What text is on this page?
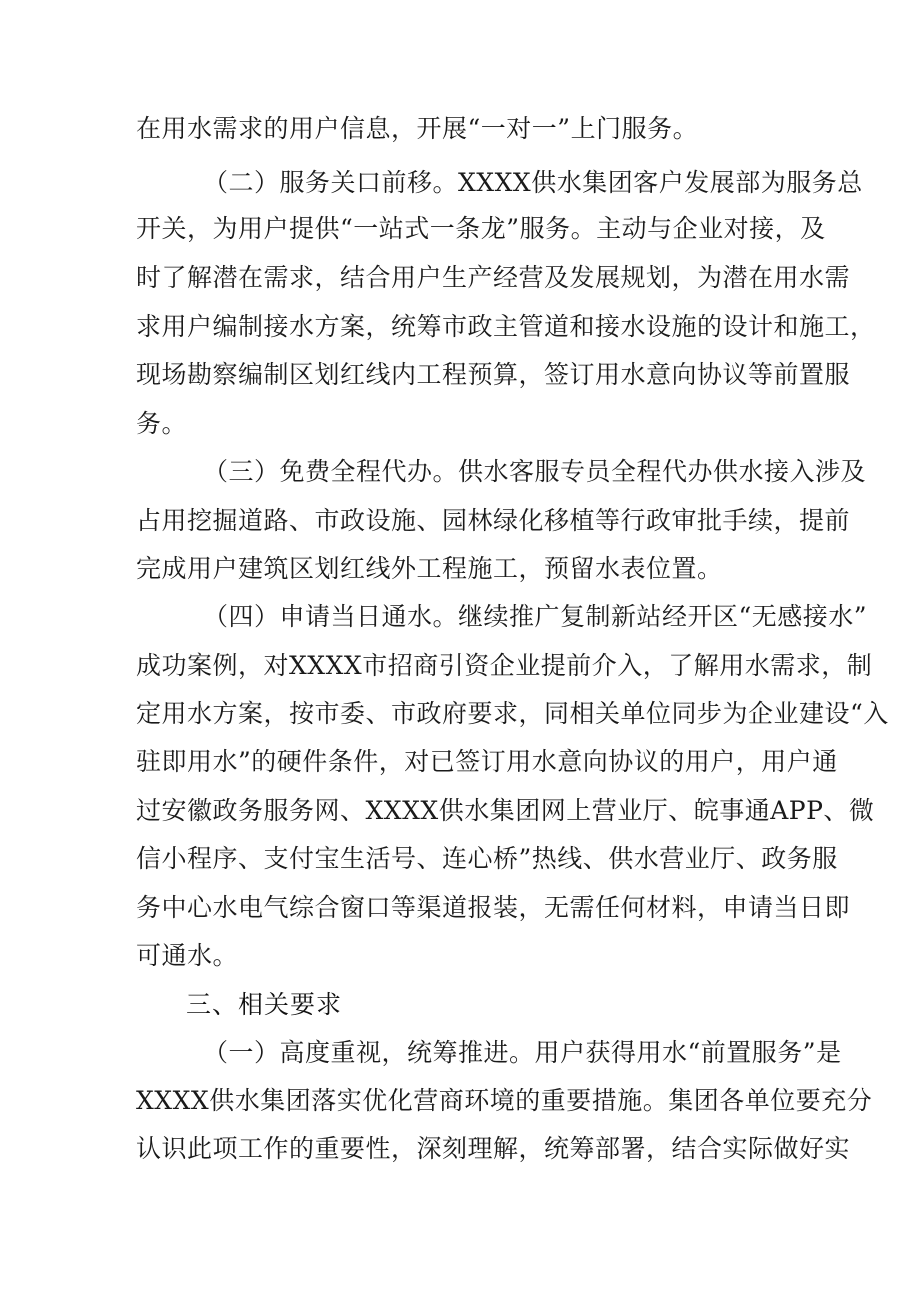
在用水需求的用户信息，开展“一对一”上门服务。
（二）服务关口前移。XXXX供水集团客户发展部为服务总
开关，为用户提供“一站式一条龙”服务。主动与企业对接，及
时了解潜在需求，结合用户生产经营及发展规划，为潜在用水需
求用户编制接水方案，统筹市政主管道和接水设施的设计和施工，
现场勘察编制区划红线内工程预算，签订用水意向协议等前置服
务。
（三）免费全程代办。供水客服专员全程代办供水接入涉及
占用挖掘道路、市政设施、园林绿化移植等行政审批手续，提前
完成用户建筑区划红线外工程施工，预留水表位置。
（四）申请当日通水。继续推广复制新站经开区“无感接水”
成功案例，对XXXX市招商引资企业提前介入，了解用水需求，制
定用水方案，按市委、市政府要求，同相关单位同步为企业建设“入
驻即用水”的硬件条件，对已签订用水意向协议的用户，用户通
过安徽政务服务网、XXXX供水集团网上营业厅、皖事通APP、微
信小程序、支付宝生活号、连心桥”热线、供水营业厅、政务服
务中心水电气综合窗口等渠道报装，无需任何材料，申请当日即
可通水。
三、相关要求
（一）高度重视，统筹推进。用户获得用水“前置服务”是
XXXX供水集团落实优化营商环境的重要措施。集团各单位要充分
认识此项工作的重要性，深刻理解，统筹部署，结合实际做好实
